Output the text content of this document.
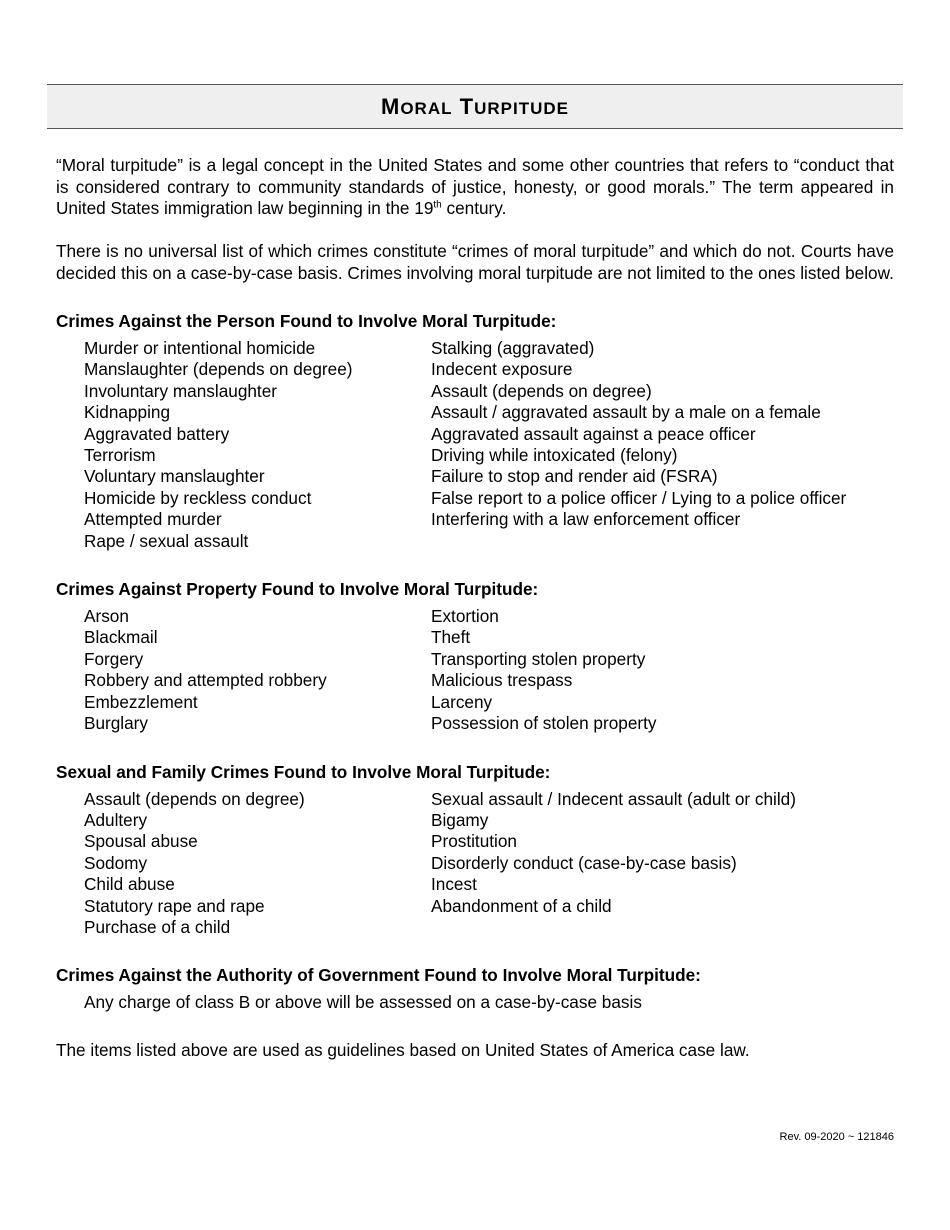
MORAL TURPITUDE

“Moral turpitude” is a legal concept in the United States and some other countries that refers to “conduct that is considered contrary to community standards of justice, honesty, or good morals.” The term appeared in United States immigration law beginning in the 19th century.

There is no universal list of which crimes constitute “crimes of moral turpitude” and which do not. Courts have decided this on a case-by-case basis. Crimes involving moral turpitude are not limited to the ones listed below.

Crimes Against the Person Found to Involve Moral Turpitude:
Murder or intentional homicide
Manslaughter (depends on degree)
Involuntary manslaughter
Kidnapping
Aggravated battery
Terrorism
Voluntary manslaughter
Homicide by reckless conduct
Attempted murder
Rape / sexual assault
Stalking (aggravated)
Indecent exposure
Assault (depends on degree)
Assault / aggravated assault by a male on a female
Aggravated assault against a peace officer
Driving while intoxicated (felony)
Failure to stop and render aid (FSRA)
False report to a police officer / Lying to a police officer
Interfering with a law enforcement officer
Crimes Against Property Found to Involve Moral Turpitude:
Arson
Blackmail
Forgery
Robbery and attempted robbery
Embezzlement
Burglary
Extortion
Theft
Transporting stolen property
Malicious trespass
Larceny
Possession of stolen property
Sexual and Family Crimes Found to Involve Moral Turpitude:
Assault (depends on degree)
Adultery
Spousal abuse
Sodomy
Child abuse
Statutory rape and rape
Purchase of a child
Sexual assault / Indecent assault (adult or child)
Bigamy
Prostitution
Disorderly conduct (case-by-case basis)
Incest
Abandonment of a child
Crimes Against the Authority of Government Found to Involve Moral Turpitude:
Any charge of class B or above will be assessed on a case-by-case basis
The items listed above are used as guidelines based on United States of America case law.
Rev. 09-2020 ~ 121846
